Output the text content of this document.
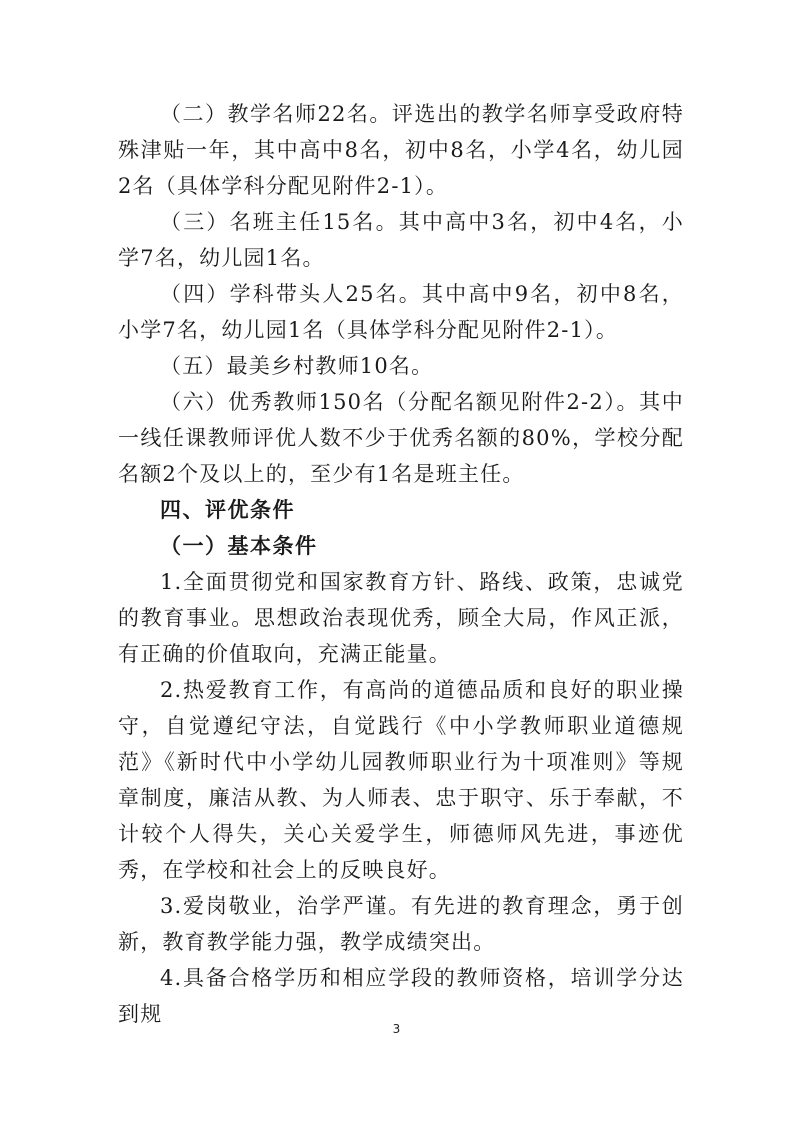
（二）教学名师22名。评选出的教学名师享受政府特殊津贴一年，其中高中8名，初中8名，小学4名，幼儿园2名（具体学科分配见附件2-1）。

（三）名班主任15名。其中高中3名，初中4名，小学7名，幼儿园1名。

（四）学科带头人25名。其中高中9名，初中8名，小学7名，幼儿园1名（具体学科分配见附件2-1）。

（五）最美乡村教师10名。

（六）优秀教师150名（分配名额见附件2-2）。其中一线任课教师评优人数不少于优秀名额的80%，学校分配名额2个及以上的，至少有1名是班主任。

四、评优条件

（一）基本条件

1.全面贯彻党和国家教育方针、路线、政策，忠诚党的教育事业。思想政治表现优秀，顾全大局，作风正派，有正确的价值取向，充满正能量。

2.热爱教育工作，有高尚的道德品质和良好的职业操守，自觉遵纪守法，自觉践行《中小学教师职业道德规范》《新时代中小学幼儿园教师职业行为十项准则》等规章制度，廉洁从教、为人师表、忠于职守、乐于奉献，不计较个人得失，关心关爱学生，师德师风先进，事迹优秀，在学校和社会上的反映良好。

3.爱岗敬业，治学严谨。有先进的教育理念，勇于创新，教育教学能力强，教学成绩突出。

4.具备合格学历和相应学段的教师资格，培训学分达到规

3
